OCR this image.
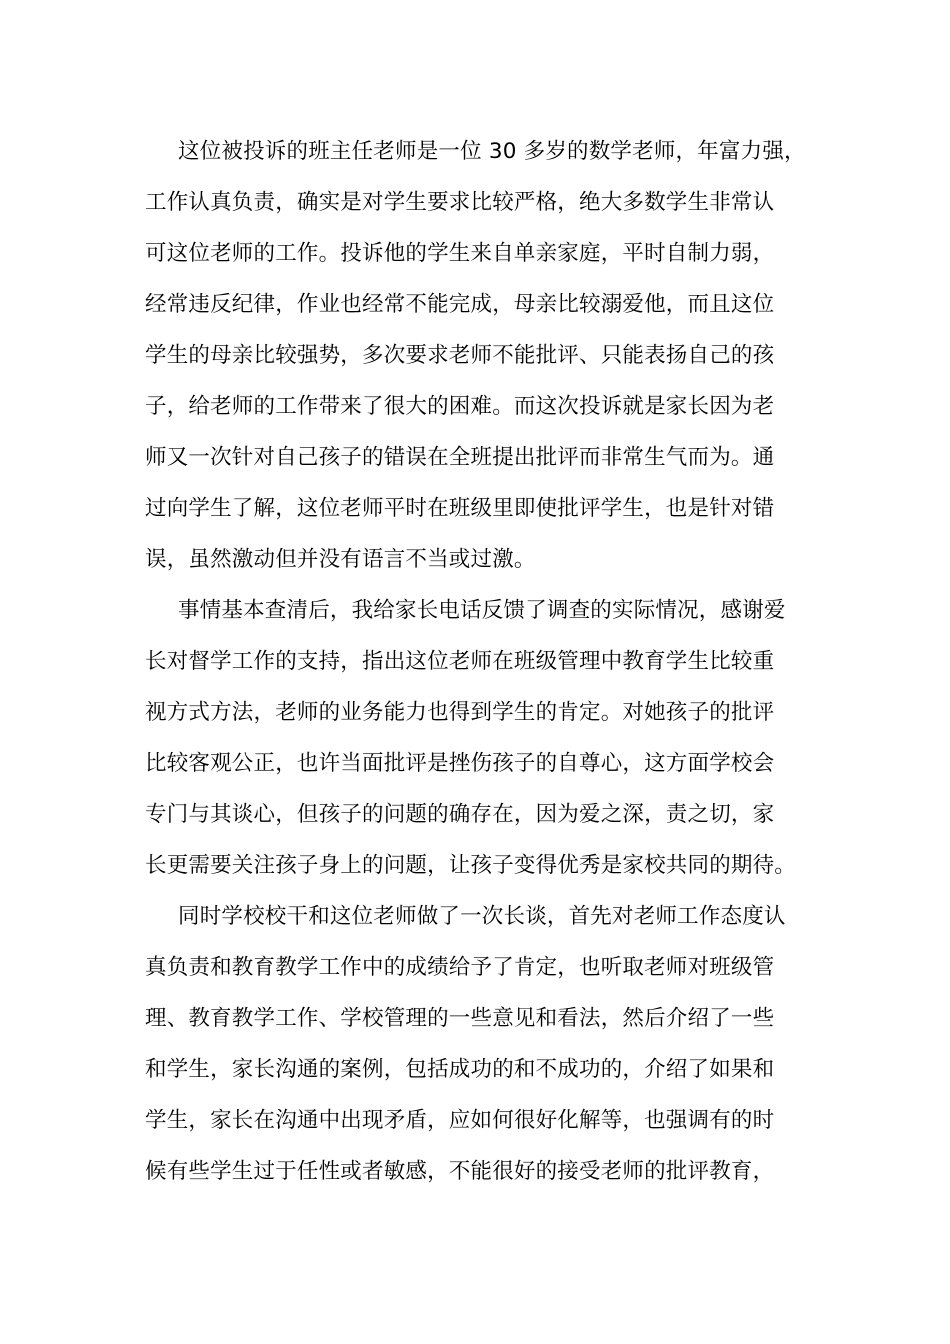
这位被投诉的班主任老师是一位 30 多岁的数学老师，年富力强，
工作认真负责，确实是对学生要求比较严格，绝大多数学生非常认
可这位老师的工作。投诉他的学生来自单亲家庭，平时自制力弱，
经常违反纪律，作业也经常不能完成，母亲比较溺爱他，而且这位
学生的母亲比较强势，多次要求老师不能批评、只能表扬自己的孩
子，给老师的工作带来了很大的困难。而这次投诉就是家长因为老
师又一次针对自己孩子的错误在全班提出批评而非常生气而为。通
过向学生了解，这位老师平时在班级里即使批评学生，也是针对错
误，虽然激动但并没有语言不当或过激。
事情基本查清后，我给家长电话反馈了调查的实际情况，感谢爱
长对督学工作的支持，指出这位老师在班级管理中教育学生比较重
视方式方法，老师的业务能力也得到学生的肯定。对她孩子的批评
比较客观公正，也许当面批评是挫伤孩子的自尊心，这方面学校会
专门与其谈心，但孩子的问题的确存在，因为爱之深，责之切，家
长更需要关注孩子身上的问题，让孩子变得优秀是家校共同的期待。
同时学校校干和这位老师做了一次长谈，首先对老师工作态度认
真负责和教育教学工作中的成绩给予了肯定，也听取老师对班级管
理、教育教学工作、学校管理的一些意见和看法，然后介绍了一些
和学生，家长沟通的案例，包括成功的和不成功的，介绍了如果和
学生，家长在沟通中出现矛盾，应如何很好化解等，也强调有的时
候有些学生过于任性或者敏感，不能很好的接受老师的批评教育，
